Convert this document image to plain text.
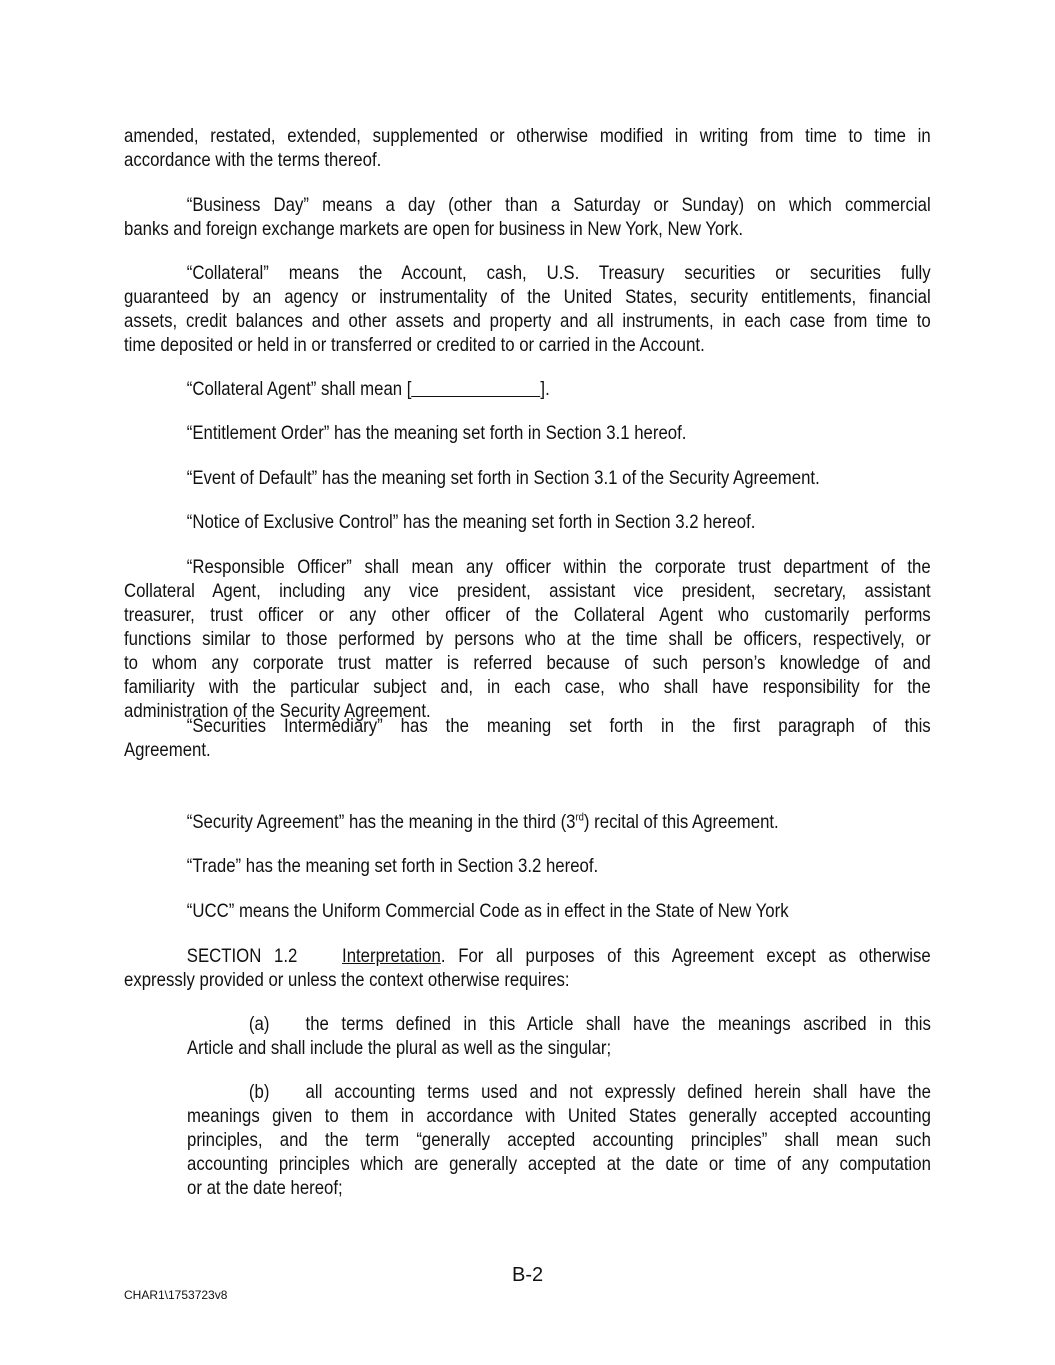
amended, restated, extended, supplemented or otherwise modified in writing from time to time in
accordance with the terms thereof.
“Business Day” means a day (other than a Saturday or Sunday) on which commercial
banks and foreign exchange markets are open for business in New York, New York.
“Collateral” means the Account, cash, U.S. Treasury securities or securities fully
guaranteed by an agency or instrumentality of the United States, security entitlements, financial
assets, credit balances and other assets and property and all instruments, in each case from time to
time deposited or held in or transferred or credited to or carried in the Account.
“Collateral Agent” shall mean [	].
“Entitlement Order” has the meaning set forth in Section 3.1 hereof.
“Event of Default” has the meaning set forth in Section 3.1 of the Security Agreement.
“Notice of Exclusive Control” has the meaning set forth in Section 3.2 hereof.
“Responsible Officer” shall mean any officer within the corporate trust department of the
Collateral Agent, including any vice president, assistant vice president, secretary, assistant
treasurer, trust officer or any other officer of the Collateral Agent who customarily performs
functions similar to those performed by persons who at the time shall be officers, respectively, or
to whom any corporate trust matter is referred because of such person’s knowledge of and
familiarity with the particular subject and, in each case, who shall have responsibility for the
administration of the Security Agreement.
“Securities Intermediary” has the meaning set forth in the first paragraph of this
Agreement.
“Security Agreement” has the meaning in the third (3rd) recital of this Agreement.
“Trade” has the meaning set forth in Section 3.2 hereof.
“UCC” means the Uniform Commercial Code as in effect in the State of New York
SECTION 1.2 Interpretation. For all purposes of this Agreement except as otherwise
expressly provided or unless the context otherwise requires:
(a) the terms defined in this Article shall have the meanings ascribed in this
Article and shall include the plural as well as the singular;
(b) all accounting terms used and not expressly defined herein shall have the
meanings given to them in accordance with United States generally accepted accounting
principles, and the term “generally accepted accounting principles” shall mean such
accounting principles which are generally accepted at the date or time of any computation
or at the date hereof;
B-2
CHAR1\1753723v8
